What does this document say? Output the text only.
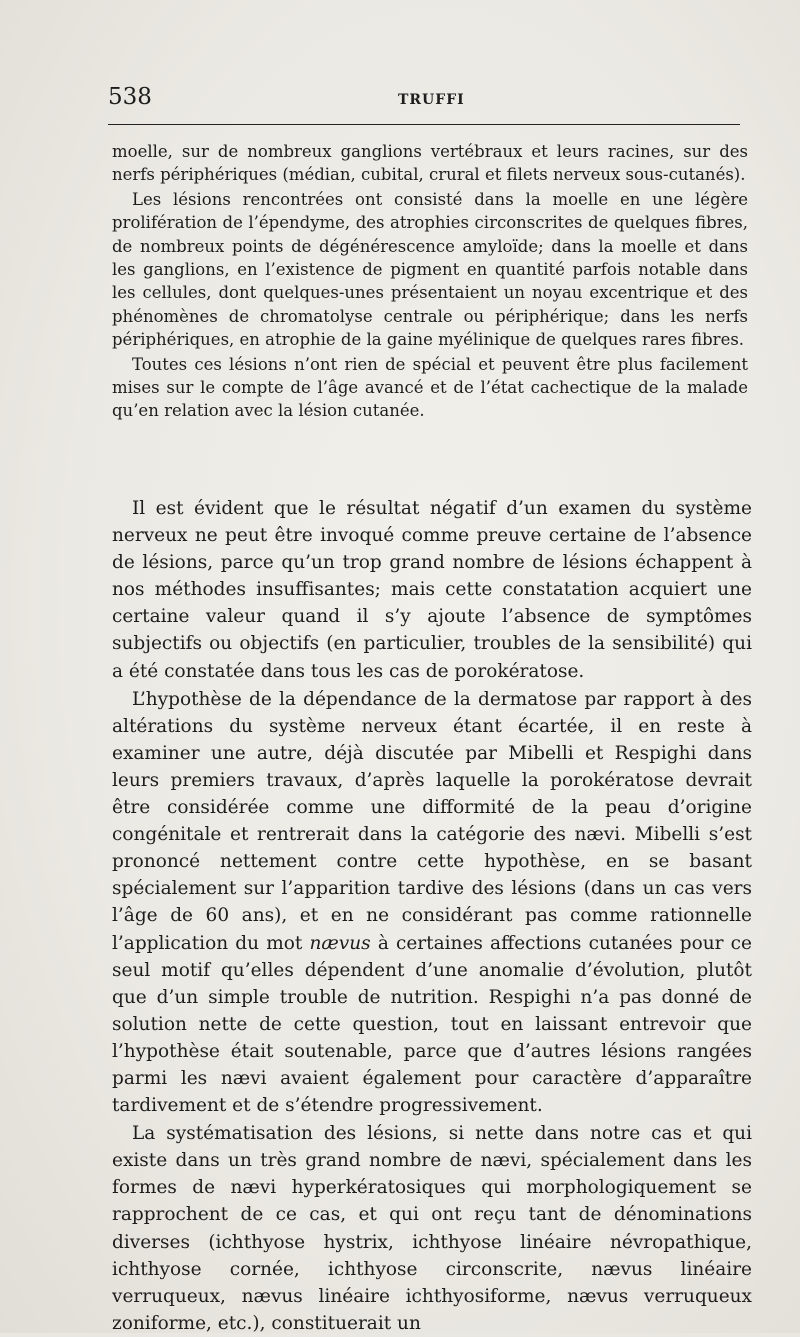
538	TRUFFI

moelle, sur de nombreux ganglions vertébraux et leurs racines, sur des nerfs périphériques (médian, cubital, crural et filets nerveux sous-cutanés).

Les lésions rencontrées ont consisté dans la moelle en une légère prolifération de l’épendyme, des atrophies circonscrites de quelques fibres, de nombreux points de dégénérescence amyloïde; dans la moelle et dans les ganglions, en l’existence de pigment en quantité parfois notable dans les cellules, dont quelques-unes présentaient un noyau excentrique et des phénomènes de chromatolyse centrale ou périphérique; dans les nerfs périphériques, en atrophie de la gaine myélinique de quelques rares fibres.

Toutes ces lésions n’ont rien de spécial et peuvent être plus facilement mises sur le compte de l’âge avancé et de l’état cachectique de la malade qu’en relation avec la lésion cutanée.

Il est évident que le résultat négatif d’un examen du système nerveux ne peut être invoqué comme preuve certaine de l’absence de lésions, parce qu’un trop grand nombre de lésions échappent à nos méthodes insuffisantes; mais cette constatation acquiert une certaine valeur quand il s’y ajoute l’absence de symptômes subjectifs ou objectifs (en particulier, troubles de la sensibilité) qui a été constatée dans tous les cas de porokératose.

L’hypothèse de la dépendance de la dermatose par rapport à des altérations du système nerveux étant écartée, il en reste à examiner une autre, déjà discutée par Mibelli et Respighi dans leurs premiers travaux, d’après laquelle la porokératose devrait être considérée comme une difformité de la peau d’origine congénitale et rentrerait dans la catégorie des nævi. Mibelli s’est prononcé nettement contre cette hypothèse, en se basant spécialement sur l’apparition tardive des lésions (dans un cas vers l’âge de 60 ans), et en ne considérant pas comme rationnelle l’application du mot nævus à certaines affections cutanées pour ce seul motif qu’elles dépendent d’une anomalie d’évolution, plutôt que d’un simple trouble de nutrition. Respighi n’a pas donné de solution nette de cette question, tout en laissant entrevoir que l’hypothèse était soutenable, parce que d’autres lésions rangées parmi les nævi avaient également pour caractère d’apparaître tardivement et de s’étendre progressivement.

La systématisation des lésions, si nette dans notre cas et qui existe dans un très grand nombre de nævi, spécialement dans les formes de nævi hyperkératosiques qui morphologiquement se rapprochent de ce cas, et qui ont reçu tant de dénominations diverses (ichthyose hystrix, ichthyose linéaire névropathique, ichthyose cornée, ichthyose circonscrite, nævus linéaire verruqueux, nævus linéaire ichthyosiforme, nævus verruqueux zoniforme, etc.), constituerait un
